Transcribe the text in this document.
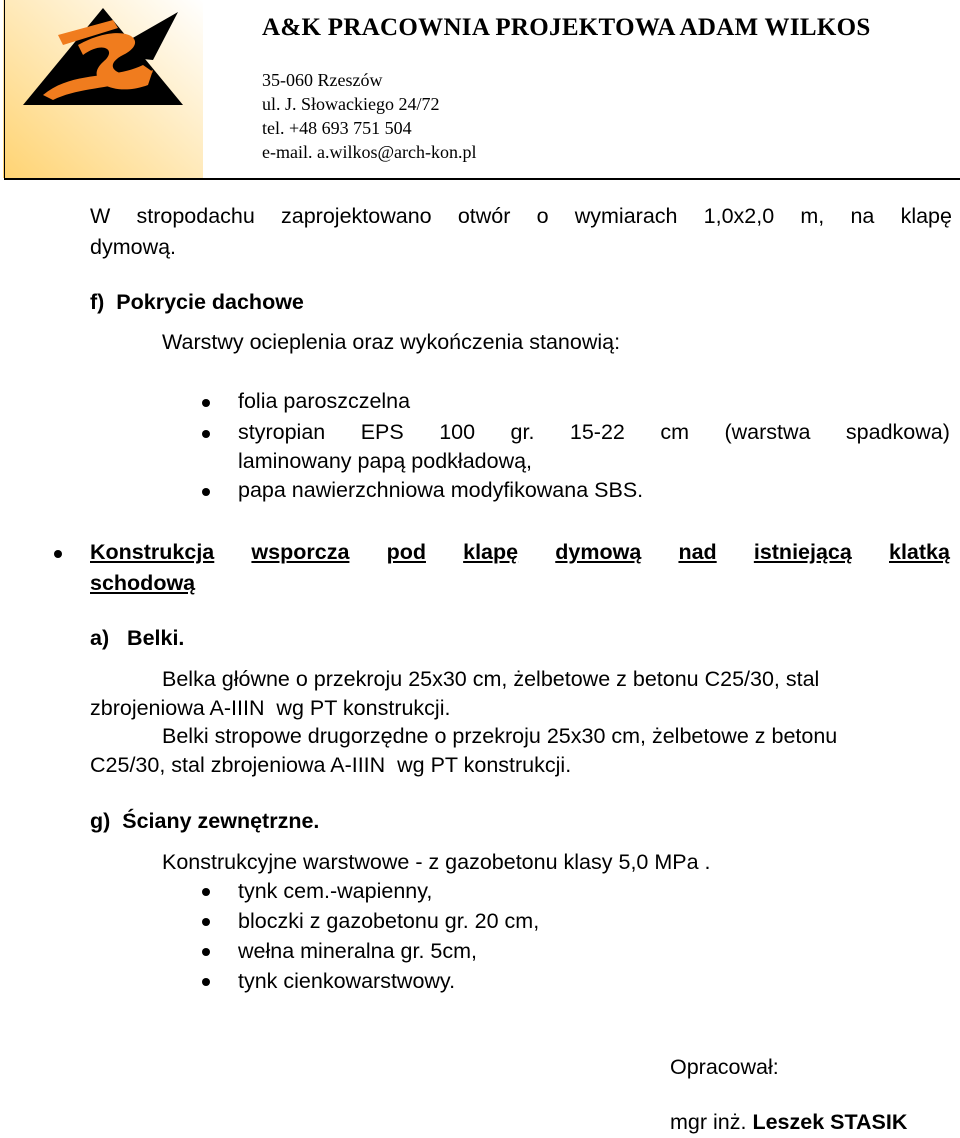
A&K PRACOWNIA PROJEKTOWA ADAM WILKOS
35-060 Rzeszów
ul. J. Słowackiego 24/72
tel. +48 693 751 504
e-mail. a.wilkos@arch-kon.pl
W stropodachu zaprojektowano otwór o wymiarach 1,0x2,0 m, na klapę
dymową.
f)  Pokrycie dachowe
Warstwy ocieplenia oraz wykończenia stanowią:
folia paroszczelna
styropian EPS 100 gr. 15-22 cm (warstwa spadkowa)
laminowany papą podkładową,
papa nawierzchniowa modyfikowana SBS.
Konstrukcja wsporcza pod klapę dymową nad istniejącą klatką
schodową
a)   Belki.
Belka główne o przekroju 25x30 cm, żelbetowe z betonu C25/30, stal
zbrojeniowa A-IIIN  wg PT konstrukcji.
Belki stropowe drugorzędne o przekroju 25x30 cm, żelbetowe z betonu
C25/30, stal zbrojeniowa A-IIIN  wg PT konstrukcji.
g)  Ściany zewnętrzne.
Konstrukcyjne warstwowe - z gazobetonu klasy 5,0 MPa .
tynk cem.-wapienny,
bloczki z gazobetonu gr. 20 cm,
wełna mineralna gr. 5cm,
tynk cienkowarstwowy.
Opracował:
mgr inż. Leszek STASIK
